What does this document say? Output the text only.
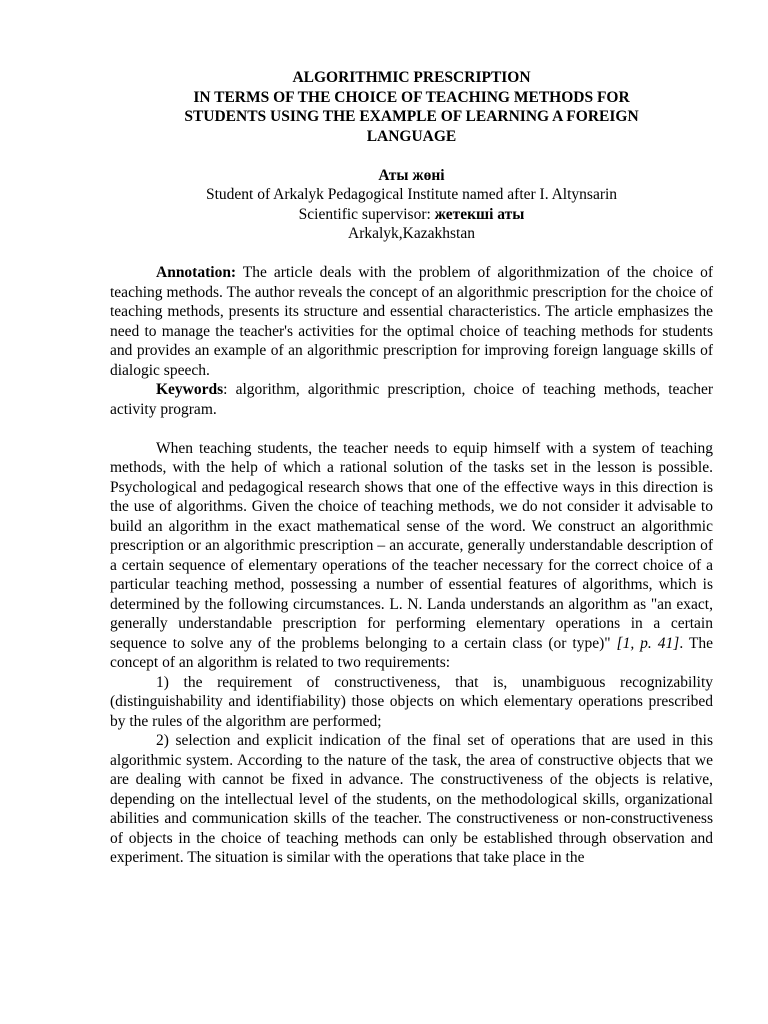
ALGORITHMIC PRESCRIPTION
IN TERMS OF THE CHOICE OF TEACHING METHODS FOR
STUDENTS USING THE EXAMPLE OF LEARNING A FOREIGN
LANGUAGE
Аты жөні
Student of Arkalyk Pedagogical Institute named after I. Altynsarin
Scientific supervisor: жетекші аты
Arkalyk,Kazakhstan

Annotation: The article deals with the problem of algorithmization of the choice of teaching methods. The author reveals the concept of an algorithmic prescription for the choice of teaching methods, presents its structure and essential characteristics. The article emphasizes the need to manage the teacher's activities for the optimal choice of teaching methods for students and provides an example of an algorithmic prescription for improving foreign language skills of dialogic speech.

Keywords: algorithm, algorithmic prescription, choice of teaching methods, teacher activity program.

When teaching students, the teacher needs to equip himself with a system of teaching methods, with the help of which a rational solution of the tasks set in the lesson is possible. Psychological and pedagogical research shows that one of the effective ways in this direction is the use of algorithms. Given the choice of teaching methods, we do not consider it advisable to build an algorithm in the exact mathematical sense of the word. We construct an algorithmic prescription or an algorithmic prescription – an accurate, generally understandable description of a certain sequence of elementary operations of the teacher necessary for the correct choice of a particular teaching method, possessing a number of essential features of algorithms, which is determined by the following circumstances. L. N. Landa understands an algorithm as "an exact, generally understandable prescription for performing elementary operations in a certain sequence to solve any of the problems belonging to a certain class (or type)" [1, p. 41]. The concept of an algorithm is related to two requirements:

1) the requirement of constructiveness, that is, unambiguous recognizability (distinguishability and identifiability) those objects on which elementary operations prescribed by the rules of the algorithm are performed;

2) selection and explicit indication of the final set of operations that are used in this algorithmic system. According to the nature of the task, the area of constructive objects that we are dealing with cannot be fixed in advance. The constructiveness of the objects is relative, depending on the intellectual level of the students, on the methodological skills, organizational abilities and communication skills of the teacher. The constructiveness or non-constructiveness of objects in the choice of teaching methods can only be established through observation and experiment. The situation is similar with the operations that take place in the
